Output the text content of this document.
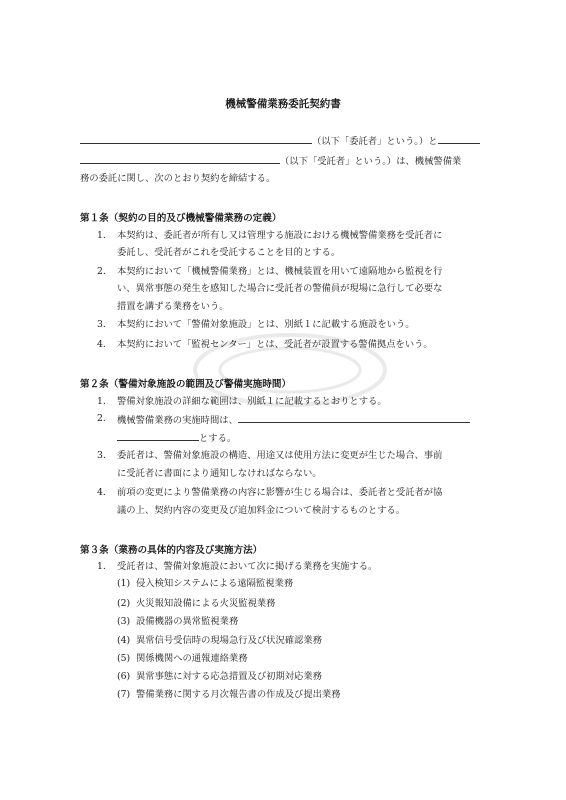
機械警備業務委託契約書
（以下「委託者」という。）と
（以下「受託者」という。）は、機械警備業
務の委託に関し、次のとおり契約を締結する。
第１条（契約の目的及び機械警備業務の定義）
1. 本契約は、委託者が所有し又は管理する施設における機械警備業務を受託者に
委託し、受託者がこれを受託することを目的とする。
2. 本契約において「機械警備業務」とは、機械装置を用いて遠隔地から監視を行
い、異常事態の発生を感知した場合に受託者の警備員が現場に急行して必要な
措置を講ずる業務をいう。
3. 本契約において「警備対象施設」とは、別紙１に記載する施設をいう。
4. 本契約において「監視センター」とは、受託者が設置する警備拠点をいう。
第２条（警備対象施設の範囲及び警備実施時間）
1. 警備対象施設の詳細な範囲は、別紙１に記載するとおりとする。
2. 機械警備業務の実施時間は、
とする。
3. 委託者は、警備対象施設の構造、用途又は使用方法に変更が生じた場合、事前
に受託者に書面により通知しなければならない。
4. 前項の変更により警備業務の内容に影響が生じる場合は、委託者と受託者が協
議の上、契約内容の変更及び追加料金について検討するものとする。
第３条（業務の具体的内容及び実施方法）
1. 受託者は、警備対象施設において次に掲げる業務を実施する。
(1) 侵入検知システムによる遠隔監視業務
(2) 火災報知設備による火災監視業務
(3) 設備機器の異常監視業務
(4) 異常信号受信時の現場急行及び状況確認業務
(5) 関係機関への通報連絡業務
(6) 異常事態に対する応急措置及び初期対応業務
(7) 警備業務に関する月次報告書の作成及び提出業務
